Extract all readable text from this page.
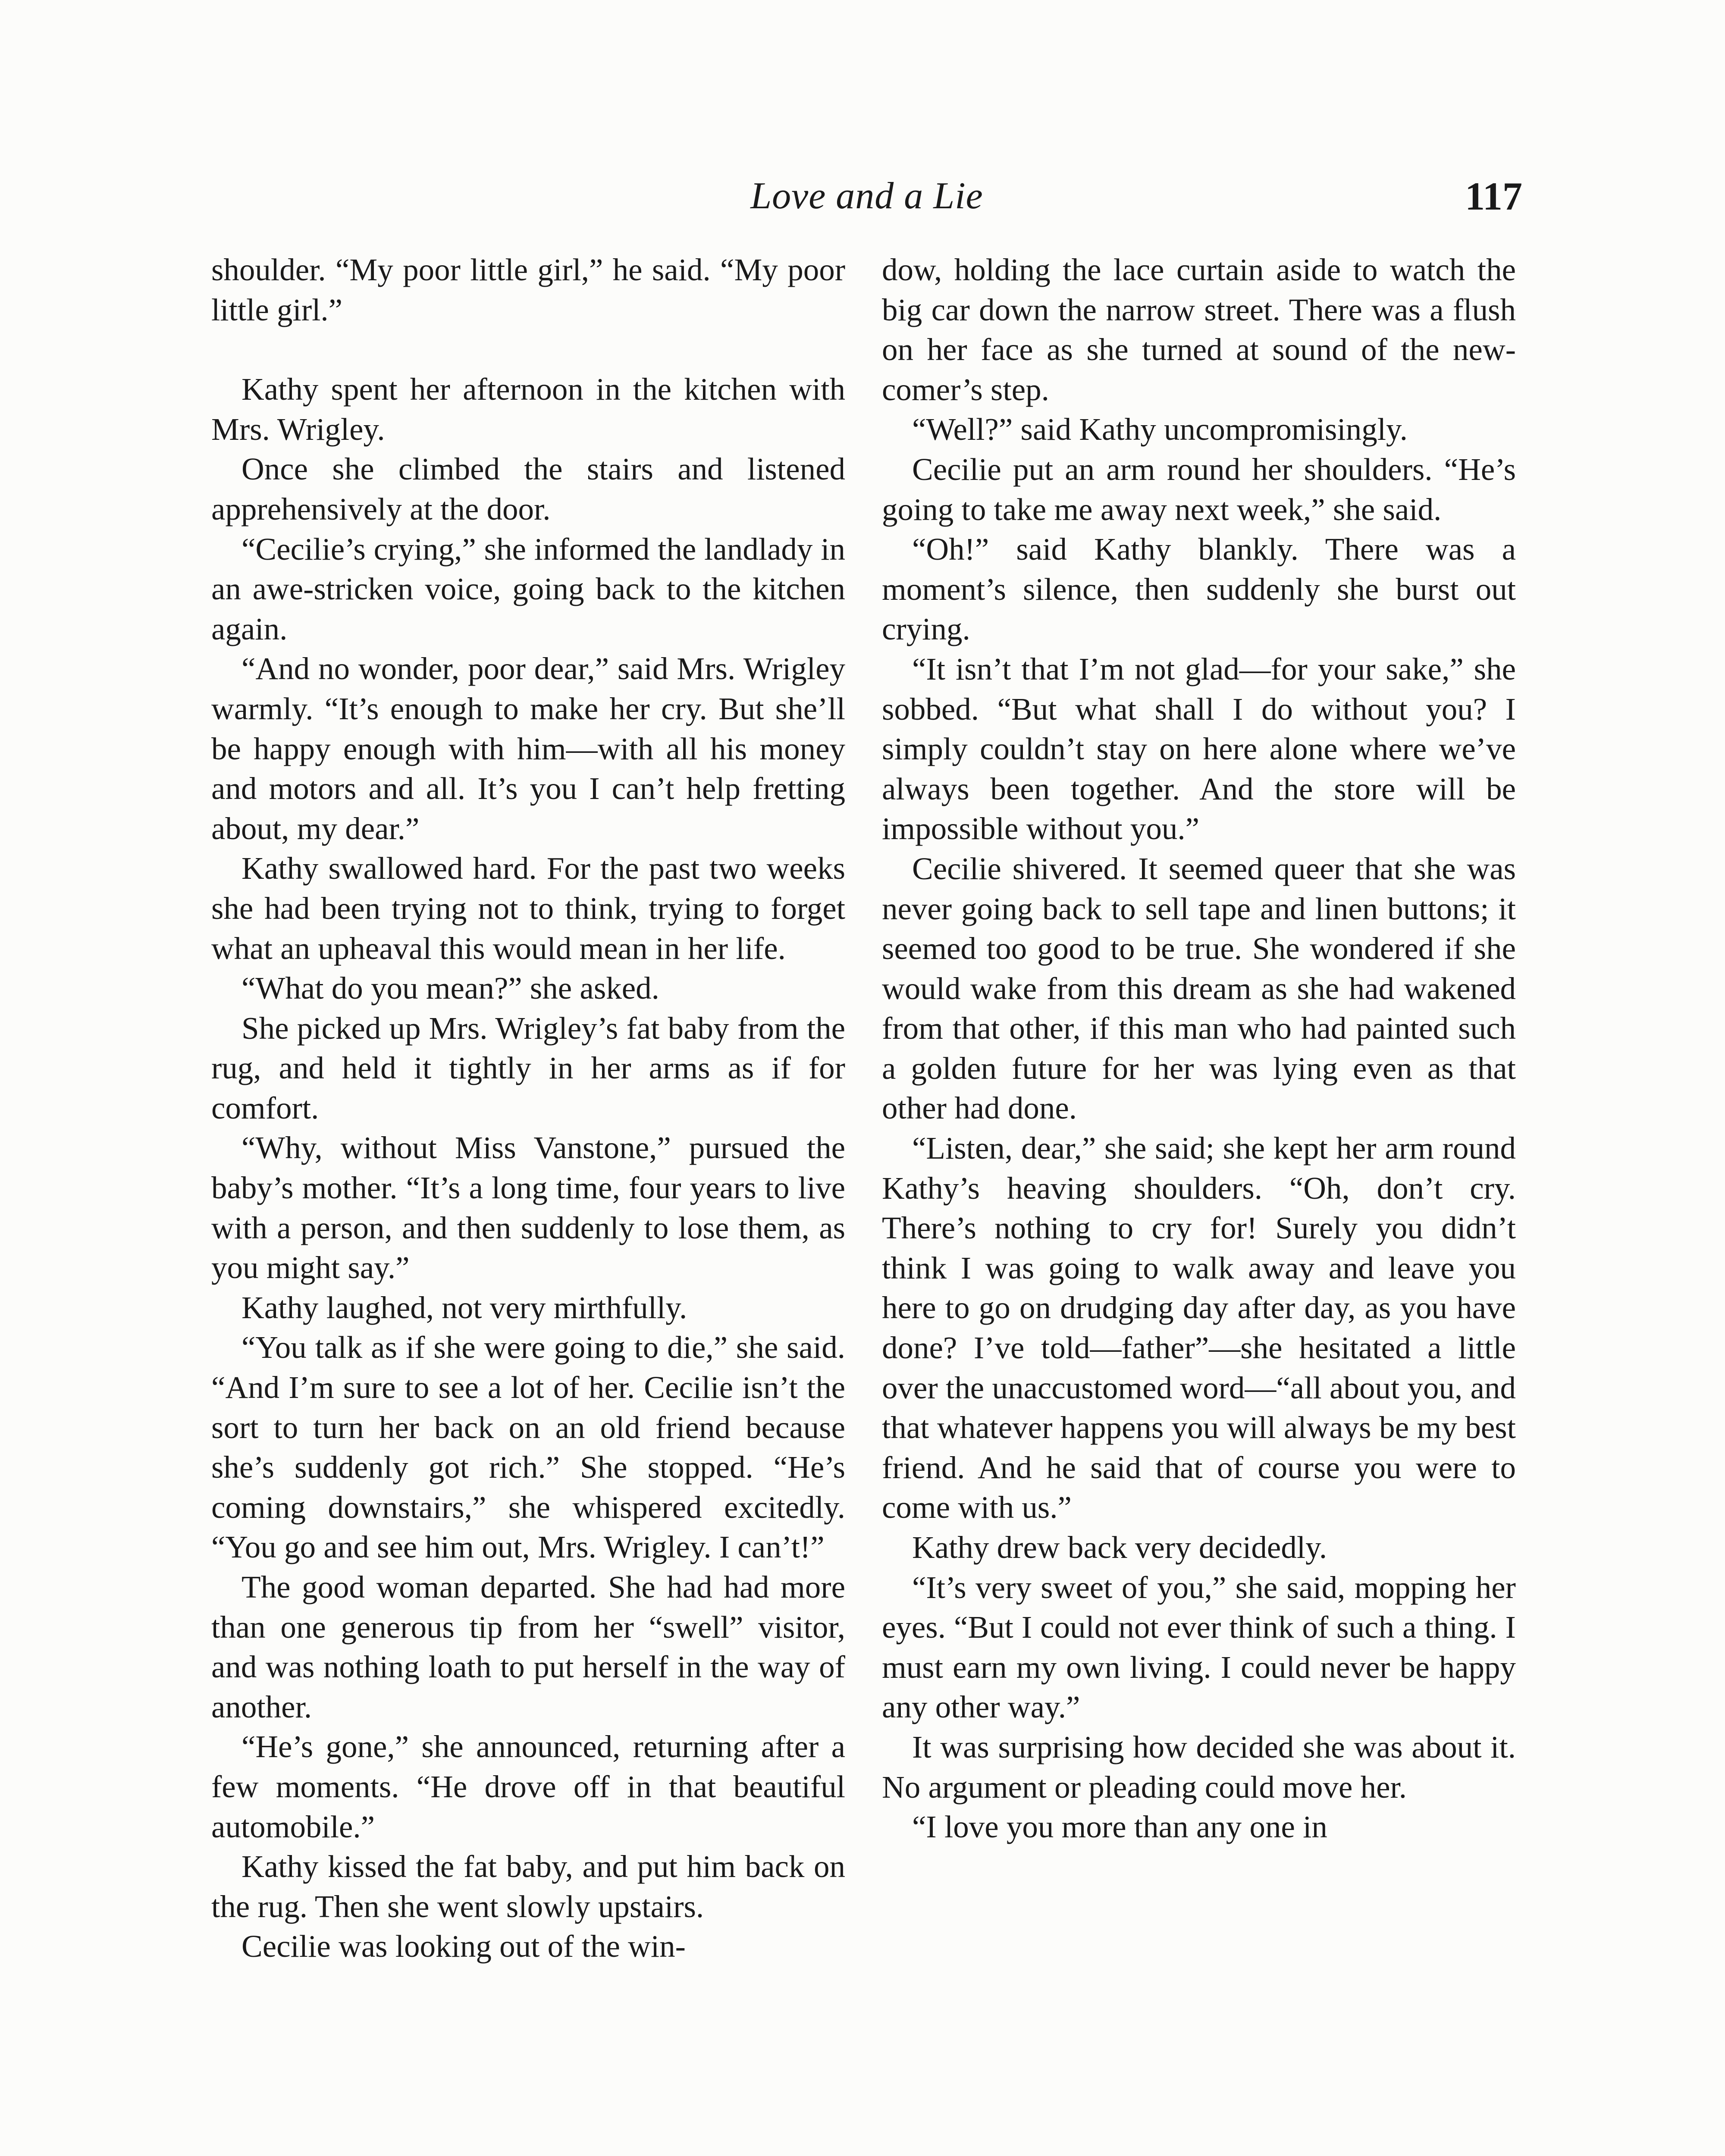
Love and a Lie	117

shoulder. “My poor little girl,” he said. “My poor little girl.”

Kathy spent her afternoon in the kitchen with Mrs. Wrigley.

Once she climbed the stairs and listened apprehensively at the door.

“Cecilie’s crying,” she informed the landlady in an awe-stricken voice, going back to the kitchen again.

“And no wonder, poor dear,” said Mrs. Wrigley warmly. “It’s enough to make her cry. But she’ll be happy enough with him—with all his money and motors and all. It’s you I can’t help fretting about, my dear.”

Kathy swallowed hard. For the past two weeks she had been trying not to think, trying to forget what an upheaval this would mean in her life.

“What do you mean?” she asked.

She picked up Mrs. Wrigley’s fat baby from the rug, and held it tightly in her arms as if for comfort.

“Why, without Miss Vanstone,” pursued the baby’s mother. “It’s a long time, four years to live with a person, and then suddenly to lose them, as you might say.”

Kathy laughed, not very mirthfully.

“You talk as if she were going to die,” she said. “And I’m sure to see a lot of her. Cecilie isn’t the sort to turn her back on an old friend because she’s suddenly got rich.” She stopped. “He’s coming downstairs,” she whispered excitedly. “You go and see him out, Mrs. Wrigley. I can’t!”

The good woman departed. She had had more than one generous tip from her “swell” visitor, and was nothing loath to put herself in the way of another.

“He’s gone,” she announced, returning after a few moments. “He drove off in that beautiful automobile.”

Kathy kissed the fat baby, and put him back on the rug. Then she went slowly upstairs.

Cecilie was looking out of the win-

dow, holding the lace curtain aside to watch the big car down the narrow street. There was a flush on her face as she turned at sound of the newcomer’s step.

“Well?” said Kathy uncompromisingly.

Cecilie put an arm round her shoulders. “He’s going to take me away next week,” she said.

“Oh!” said Kathy blankly. There was a moment’s silence, then suddenly she burst out crying.

“It isn’t that I’m not glad—for your sake,” she sobbed. “But what shall I do without you? I simply couldn’t stay on here alone where we’ve always been together. And the store will be impossible without you.”

Cecilie shivered. It seemed queer that she was never going back to sell tape and linen buttons; it seemed too good to be true. She wondered if she would wake from this dream as she had wakened from that other, if this man who had painted such a golden future for her was lying even as that other had done.

“Listen, dear,” she said; she kept her arm round Kathy’s heaving shoulders. “Oh, don’t cry. There’s nothing to cry for! Surely you didn’t think I was going to walk away and leave you here to go on drudging day after day, as you have done? I’ve told—father”—she hesitated a little over the unaccustomed word—“all about you, and that whatever happens you will always be my best friend. And he said that of course you were to come with us.”

Kathy drew back very decidedly.

“It’s very sweet of you,” she said, mopping her eyes. “But I could not ever think of such a thing. I must earn my own living. I could never be happy any other way.”

It was surprising how decided she was about it. No argument or pleading could move her.

“I love you more than any one in
